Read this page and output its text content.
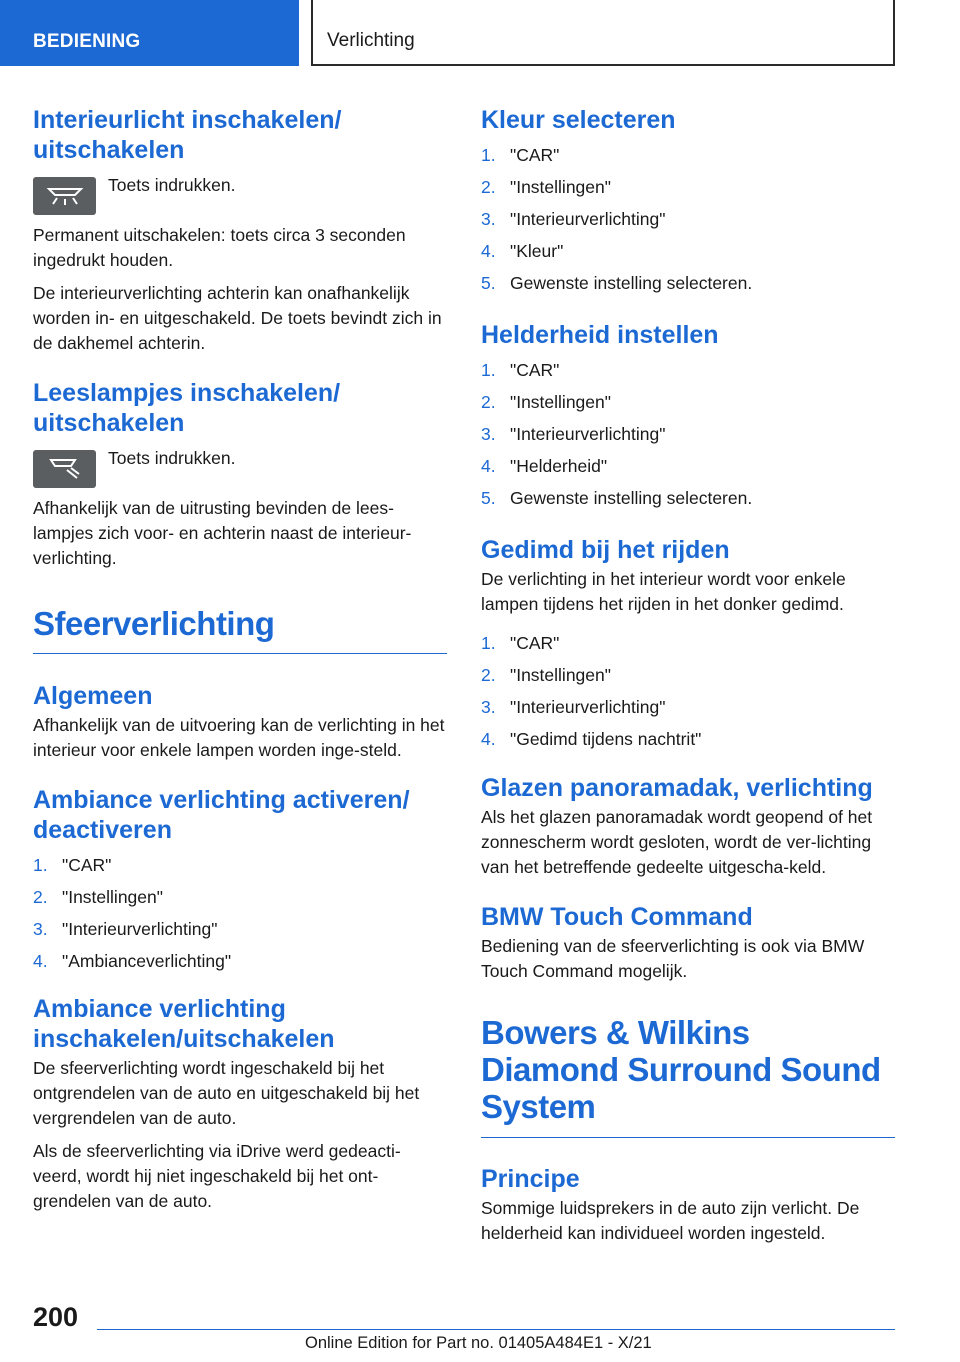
BEDIENING	Verlichting
Interieurlicht inschakelen/ uitschakelen

Toets indrukken.

Permanent uitschakelen: toets circa 3 seconden ingedrukt houden.

De interieurverlichting achterin kan onafhankelijk worden in- en uitgeschakeld. De toets bevindt zich in de dakhemel achterin.

Leeslampjes inschakelen/ uitschakelen

Toets indrukken.

Afhankelijk van de uitrusting bevinden de lees-lampjes zich voor- en achterin naast de interieur-verlichting.

Sfeerverlichting
Algemeen

Afhankelijk van de uitvoering kan de verlichting in het interieur voor enkele lampen worden inge-steld.

Ambiance verlichting activeren/ deactiveren
1. "CAR"
2. "Instellingen"
3. "Interieurverlichting"
4. "Ambianceverlichting"
Ambiance verlichting inschakelen/uitschakelen

De sfeerverlichting wordt ingeschakeld bij het ontgrendelen van de auto en uitgeschakeld bij het vergrendelen van de auto.

Als de sfeerverlichting via iDrive werd gedeacti-veerd, wordt hij niet ingeschakeld bij het ont-grendelen van de auto.

Kleur selecteren
1. "CAR"
2. "Instellingen"
3. "Interieurverlichting"
4. "Kleur"
5. Gewenste instelling selecteren.
Helderheid instellen
1. "CAR"
2. "Instellingen"
3. "Interieurverlichting"
4. "Helderheid"
5. Gewenste instelling selecteren.
Gedimd bij het rijden

De verlichting in het interieur wordt voor enkele lampen tijdens het rijden in het donker gedimd.

1. "CAR"
2. "Instellingen"
3. "Interieurverlichting"
4. "Gedimd tijdens nachtrit"
Glazen panoramadak, verlichting

Als het glazen panoramadak wordt geopend of het zonnescherm wordt gesloten, wordt de ver-lichting van het betreffende gedeelte uitgescha-keld.

BMW Touch Command

Bediening van de sfeerverlichting is ook via BMW Touch Command mogelijk.

Bowers & Wilkins Diamond Surround Sound System
Principe

Sommige luidsprekers in de auto zijn verlicht. De helderheid kan individueel worden ingesteld.

200
Online Edition for Part no. 01405A484E1 - X/21
